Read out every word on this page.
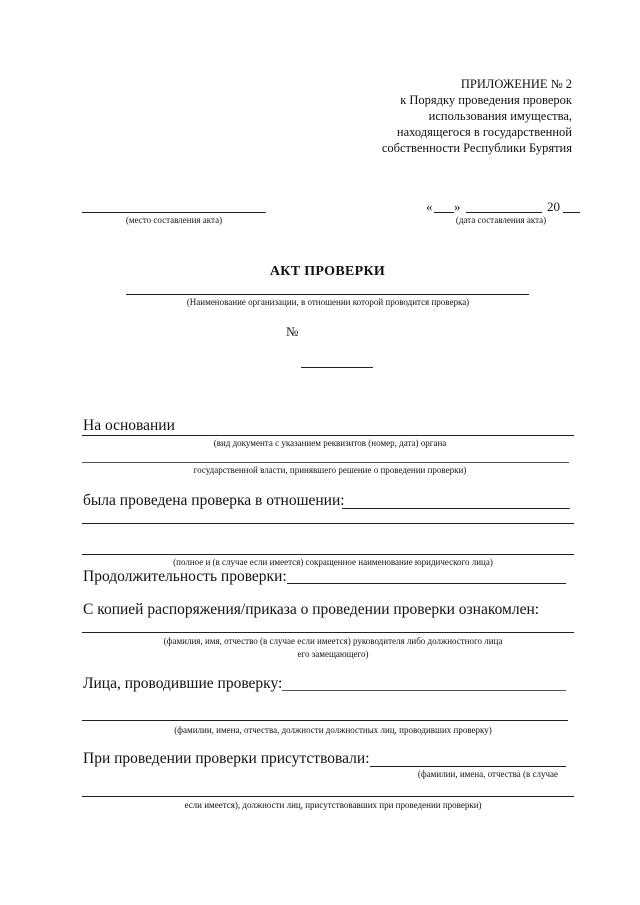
ПРИЛОЖЕНИЕ № 2
к Порядку проведения проверок
использования имущества,
находящегося в государственной
собственности Республики Бурятия
(место составления акта)
« »	20
(дата составления акта)
АКТ ПРОВЕРКИ
(Наименование организации, в отношении которой проводится проверка)
№
На основании
(вид документа с указанием реквизитов (номер, дата) органа
государственной власти, принявшего решение о проведении проверки)
была проведена проверка в отношении:
(полное и (в случае если имеется) сокращенное наименование юридического лица)
Продолжительность проверки:
С копией распоряжения/приказа о проведении проверки ознакомлен:
(фамилия, имя, отчество (в случае если имеется) руководителя либо должностного лица
его замещающего)
Лица, проводившие проверку:
(фамилии, имена, отчества, должности должностных лиц, проводивших проверку)
При проведении проверки присутствовали:
(фамилии, имена, отчества (в случае
если имеется), должности лиц, присутствовавших при проведении проверки)
